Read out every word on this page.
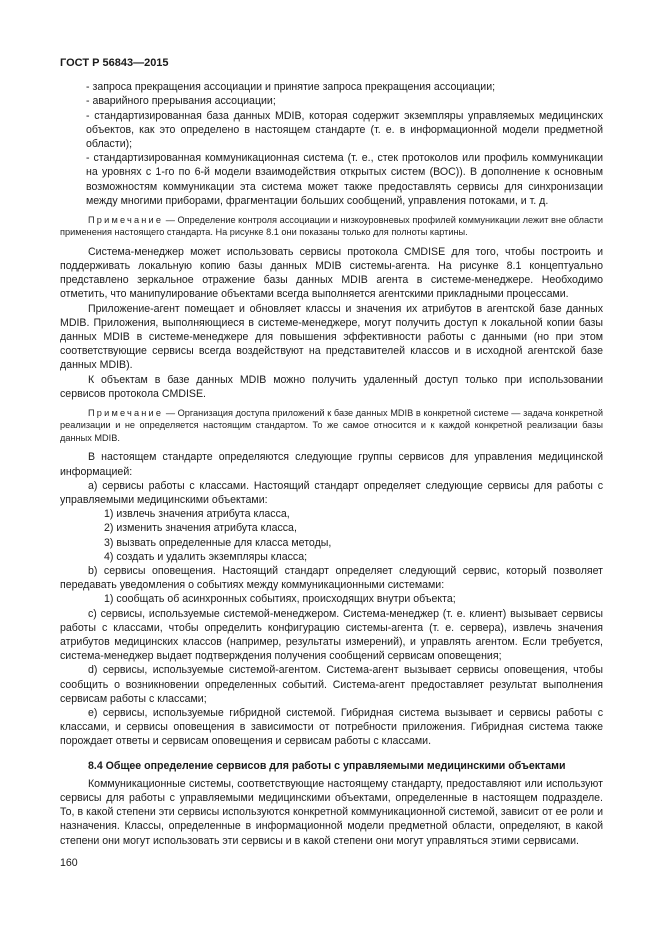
ГОСТ Р 56843—2015

- запроса прекращения ассоциации и принятие запроса прекращения ассоциации;

- аварийного прерывания ассоциации;

- стандартизированная база данных MDIB, которая содержит экземпляры управляемых медицинских объектов, как это определено в настоящем стандарте (т. е. в информационной модели предметной области);

- стандартизированная коммуникационная система (т. е., стек протоколов или профиль коммуникации на уровнях с 1-го по 6-й модели взаимодействия открытых систем (ВОС)). В дополнение к основным возможностям коммуникации эта система может также предоставлять сервисы для синхронизации между многими приборами, фрагментации больших сообщений, управления потоками, и т. д.

Примечание — Определение контроля ассоциации и низкоуровневых профилей коммуникации лежит вне области применения настоящего стандарта. На рисунке 8.1 они показаны только для полноты картины.

Система-менеджер может использовать сервисы протокола CMDISE для того, чтобы построить и поддерживать локальную копию базы данных MDIB системы-агента. На рисунке 8.1 концептуально представлено зеркальное отражение базы данных MDIB агента в системе-менеджере. Необходимо отметить, что манипулирование объектами всегда выполняется агентскими прикладными процессами.

Приложение-агент помещает и обновляет классы и значения их атрибутов в агентской базе данных MDIB. Приложения, выполняющиеся в системе-менеджере, могут получить доступ к локальной копии базы данных MDIB в системе-менеджере для повышения эффективности работы с данными (но при этом соответствующие сервисы всегда воздействуют на представителей классов и в исходной агентской базе данных MDIB).

К объектам в базе данных MDIB можно получить удаленный доступ только при использовании сервисов протокола CMDISE.

Примечание — Организация доступа приложений к базе данных MDIB в конкретной системе — задача конкретной реализации и не определяется настоящим стандартом. То же самое относится и к каждой конкретной реализации базы данных MDIB.

В настоящем стандарте определяются следующие группы сервисов для управления медицинской информацией:

а) сервисы работы с классами. Настоящий стандарт определяет следующие сервисы для работы с управляемыми медицинскими объектами:

1) извлечь значения атрибута класса,

2) изменить значения атрибута класса,

3) вызвать определенные для класса методы,

4) создать и удалить экземпляры класса;

b) сервисы оповещения. Настоящий стандарт определяет следующий сервис, который позволяет передавать уведомления о событиях между коммуникационными системами:

1) сообщать об асинхронных событиях, происходящих внутри объекта;

с) сервисы, используемые системой-менеджером. Система-менеджер (т. е. клиент) вызывает сервисы работы с классами, чтобы определить конфигурацию системы-агента (т. е. сервера), извлечь значения атрибутов медицинских классов (например, результаты измерений), и управлять агентом. Если требуется, система-менеджер выдает подтверждения получения сообщений сервисам оповещения;

d) сервисы, используемые системой-агентом. Система-агент вызывает сервисы оповещения, чтобы сообщить о возникновении определенных событий. Система-агент предоставляет результат выполнения сервисам работы с классами;

е) сервисы, используемые гибридной системой. Гибридная система вызывает и сервисы работы с классами, и сервисы оповещения в зависимости от потребности приложения. Гибридная система также порождает ответы и сервисам оповещения и сервисам работы с классами.

8.4 Общее определение сервисов для работы с управляемыми медицинскими объектами

Коммуникационные системы, соответствующие настоящему стандарту, предоставляют или используют сервисы для работы с управляемыми медицинскими объектами, определенные в настоящем подразделе. То, в какой степени эти сервисы используются конкретной коммуникационной системой, зависит от ее роли и назначения. Классы, определенные в информационной модели предметной области, определяют, в какой степени они могут использовать эти сервисы и в какой степени они могут управляться этими сервисами.

160
